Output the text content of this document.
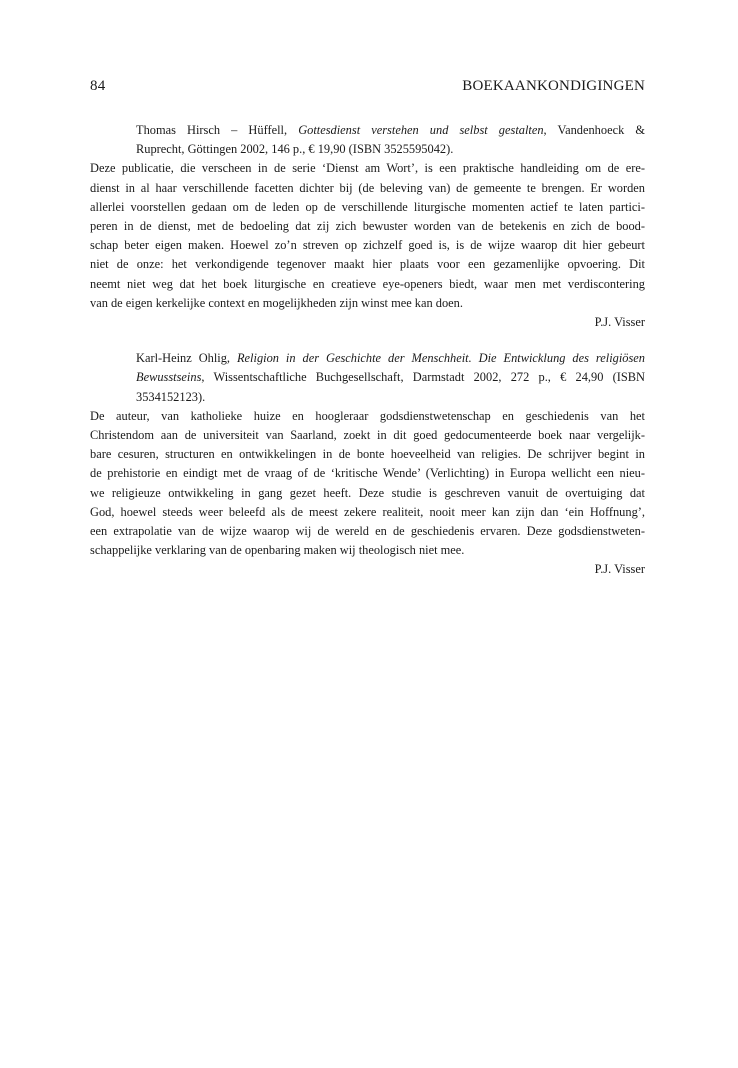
84	BOEKAANKONDIGINGEN
Thomas Hirsch – Hüffell, Gottesdienst verstehen und selbst gestalten, Vandenhoeck &
Ruprecht, Göttingen 2002, 146 p., € 19,90 (ISBN 3525595042).
Deze publicatie, die verscheen in de serie ‘Dienst am Wort’, is een praktische handleiding om de ere-
dienst in al haar verschillende facetten dichter bij (de beleving van) de gemeente te brengen. Er worden
allerlei voorstellen gedaan om de leden op de verschillende liturgische momenten actief te laten partici-
peren in de dienst, met de bedoeling dat zij zich bewuster worden van de betekenis en zich de bood-
schap beter eigen maken. Hoewel zo’n streven op zichzelf goed is, is de wijze waarop dit hier gebeurt
niet de onze: het verkondigende tegenover maakt hier plaats voor een gezamenlijke opvoering. Dit
neemt niet weg dat het boek liturgische en creatieve eye-openers biedt, waar men met verdiscontering
van de eigen kerkelijke context en mogelijkheden zijn winst mee kan doen.
P.J. Visser
Karl-Heinz Ohlig, Religion in der Geschichte der Menschheit. Die Entwicklung des religiösen
Bewusstseins, Wissentschaftliche Buchgesellschaft, Darmstadt 2002, 272 p., € 24,90 (ISBN
3534152123).
De auteur, van katholieke huize en hoogleraar godsdienstwetenschap en geschiedenis van het
Christendom aan de universiteit van Saarland, zoekt in dit goed gedocumenteerde boek naar vergelijk-
bare cesuren, structuren en ontwikkelingen in de bonte hoeveelheid van religies. De schrijver begint in
de prehistorie en eindigt met de vraag of de ‘kritische Wende’ (Verlichting) in Europa wellicht een nieu-
we religieuze ontwikkeling in gang gezet heeft. Deze studie is geschreven vanuit de overtuiging dat
God, hoewel steeds weer beleefd als de meest zekere realiteit, nooit meer kan zijn dan ‘ein Hoffnung’,
een extrapolatie van de wijze waarop wij de wereld en de geschiedenis ervaren. Deze godsdienstweten-
schappelijke verklaring van de openbaring maken wij theologisch niet mee.
P.J. Visser
